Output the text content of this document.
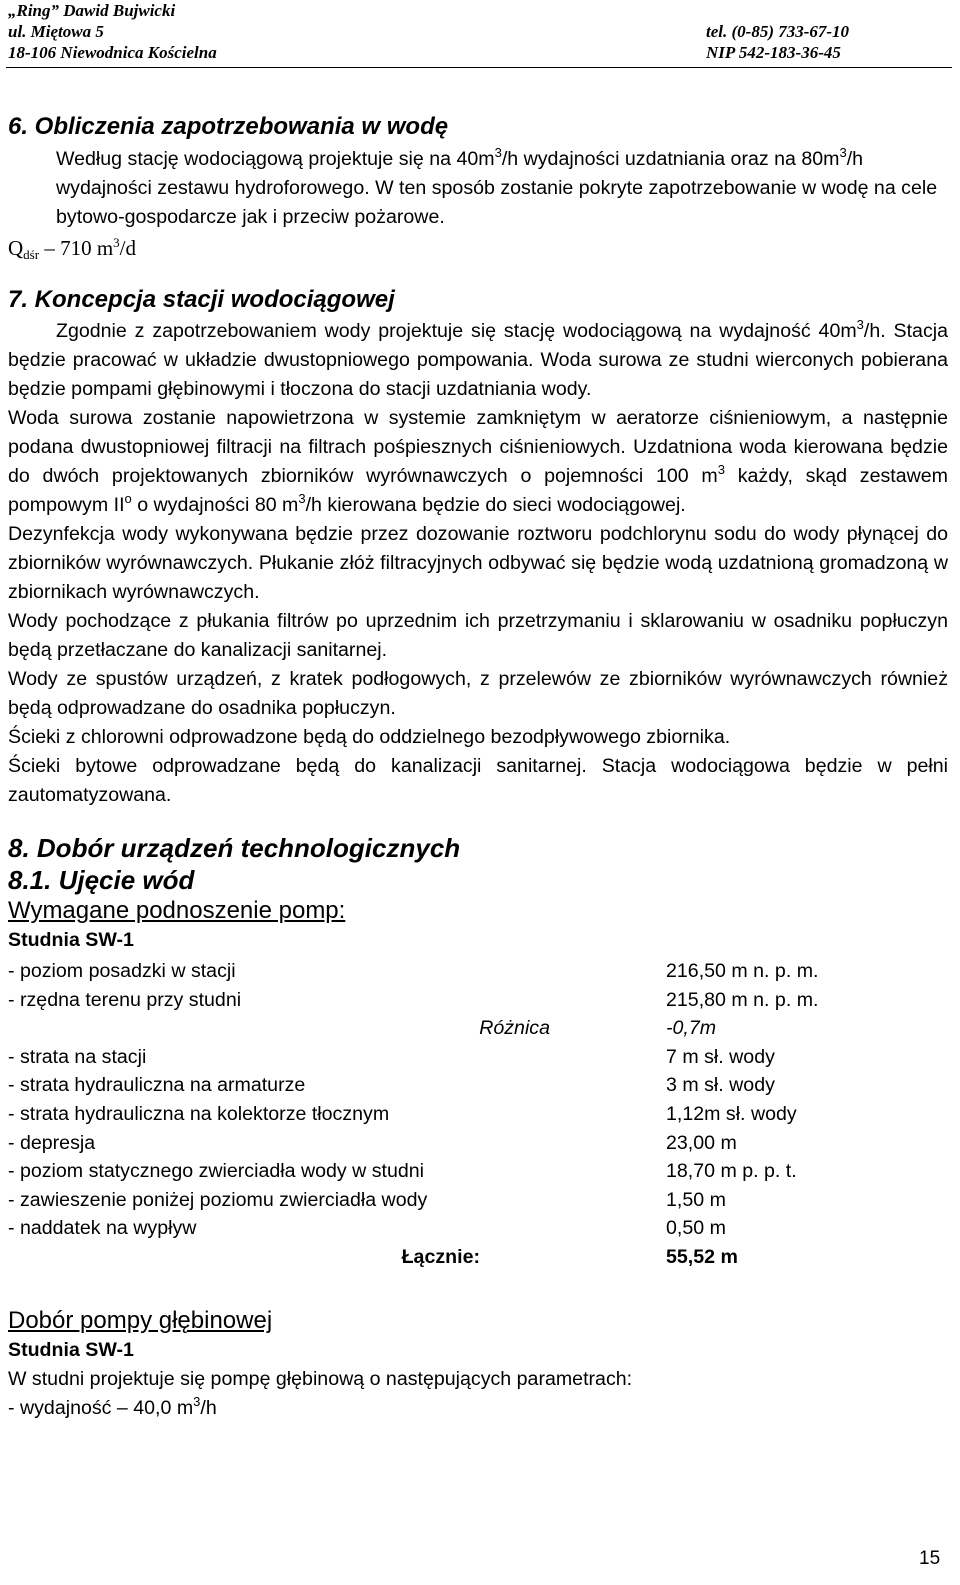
„Ring” Dawid Bujwicki
ul. Miętowa 5
18-106 Niewodnica Kościelna
tel. (0-85) 733-67-10
NIP 542-183-36-45
6. Obliczenia zapotrzebowania w wodę

Według stację wodociągową projektuje się na $40m^3/h$ wydajności uzdatniania oraz na $80m^3/h$ wydajności zestawu hydroforowego. W ten sposób zostanie pokryte zapotrzebowanie w wodę na cele bytowo-gospodarcze jak i przeciw pożarowe.

$Q_{dśr} - 710$ $m^3/d$

7. Koncepcja stacji wodociągowej

Zgodnie z zapotrzebowaniem wody projektuje się stację wodociągową na wydajność $40m^3/h$. Stacja będzie pracować w układzie dwustopniowego pompowania. Woda surowa ze studni wierconych pobierana będzie pompami głębinowymi i tłoczona do stacji uzdatniania wody.

Woda surowa zostanie napowietrzona w systemie zamkniętym w aeratorze ciśnieniowym, a następnie podana dwustopniowej filtracji na filtrach pośpiesznych ciśnieniowych. Uzdatniona woda kierowana będzie do dwóch projektowanych zbiorników wyrównawczych o pojemności 100 $m^3$ każdy, skąd zestawem pompowym $II^o$ o wydajności 80 $m^3/h$ kierowana będzie do sieci wodociągowej.

Dezynfekcja wody wykonywana będzie przez dozowanie roztworu podchlorynu sodu do wody płynącej do zbiorników wyrównawczych. Płukanie złóż filtracyjnych odbywać się będzie wodą uzdatnioną gromadzoną w zbiornikach wyrównawczych.

Wody pochodzące z płukania filtrów po uprzednim ich przetrzymaniu i sklarowaniu w osadniku popłuczyn będą przetłaczane do kanalizacji sanitarnej.

Wody ze spustów urządzeń, z kratek podłogowych, z przelewów ze zbiorników wyrównawczych również będą odprowadzane do osadnika popłuczyn.

Ścieki z chlorowni odprowadzone będą do oddzielnego bezodpływowego zbiornika.

Ścieki bytowe odprowadzane będą do kanalizacji sanitarnej. Stacja wodociągowa będzie w pełni zautomatyzowana.

8. Dobór urządzeń technologicznych
8.1. Ujęcie wód
Wymagane podnoszenie pomp:

Studnia SW-1

- poziom posadzki w stacji	216,50 m n. p. m.
- rzędna terenu przy studni	215,80 m n. p. m.
Różnica	-0,7m
- strata na stacji	7 m sł. wody
- strata hydrauliczna na armaturze	3 m sł. wody
- strata hydrauliczna na kolektorze tłocznym	1,12m sł. wody
- depresja	23,00 m
- poziom statycznego zwierciadła wody w studni	18,70 m p. p. t.
- zawieszenie poniżej poziomu zwierciadła wody	1,50 m
- naddatek na wypływ	0,50 m
Łącznie:	55,52 m
Dobór pompy głębinowej

Studnia SW-1

W studni projektuje się pompę głębinową o następujących parametrach:

- wydajność – 40,0 $m^3/h$

15
